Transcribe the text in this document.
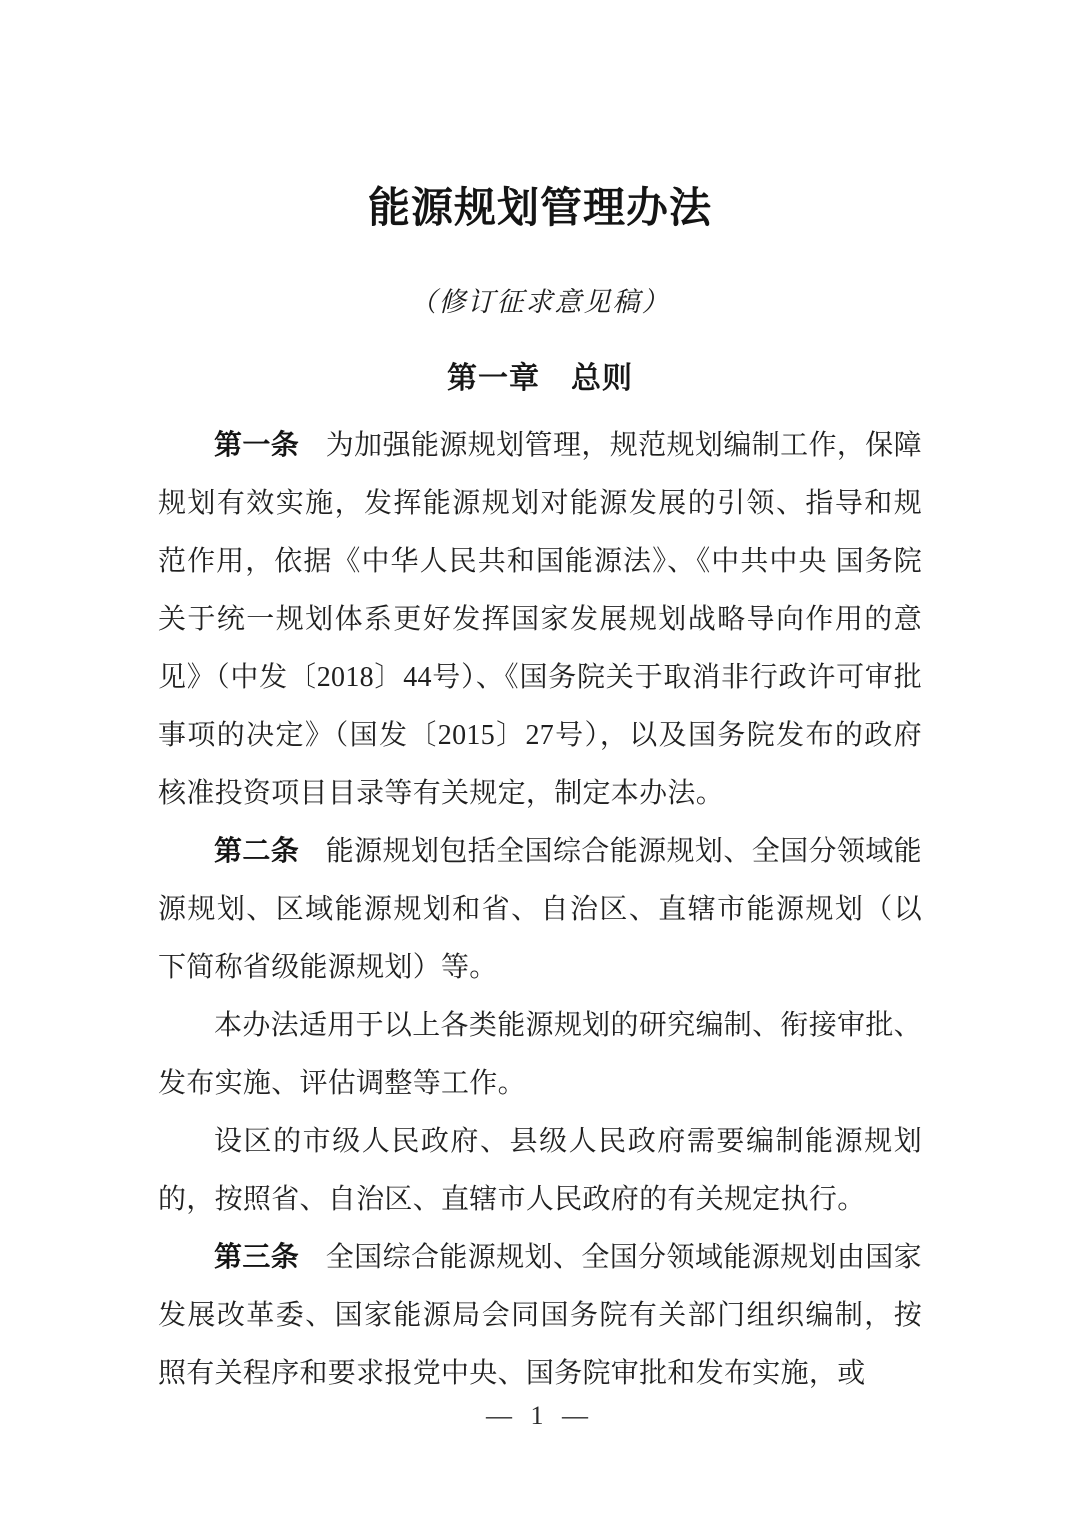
能源规划管理办法
（修订征求意见稿）
第一章　总则

第一条 为加强能源规划管理，规范规划编制工作，保障规划有效实施，发挥能源规划对能源发展的引领、指导和规范作用，依据《中华人民共和国能源法》、《中共中央 国务院关于统一规划体系更好发挥国家发展规划战略导向作用的意见》（中发〔2018〕44号）、《国务院关于取消非行政许可审批事项的决定》（国发〔2015〕27号），以及国务院发布的政府核准投资项目目录等有关规定，制定本办法。

第二条 能源规划包括全国综合能源规划、全国分领域能源规划、区域能源规划和省、自治区、直辖市能源规划（以下简称省级能源规划）等。

本办法适用于以上各类能源规划的研究编制、衔接审批、发布实施、评估调整等工作。

设区的市级人民政府、县级人民政府需要编制能源规划的，按照省、自治区、直辖市人民政府的有关规定执行。

第三条 全国综合能源规划、全国分领域能源规划由国家发展改革委、国家能源局会同国务院有关部门组织编制，按照有关程序和要求报党中央、国务院审批和发布实施，或

— 1 —
